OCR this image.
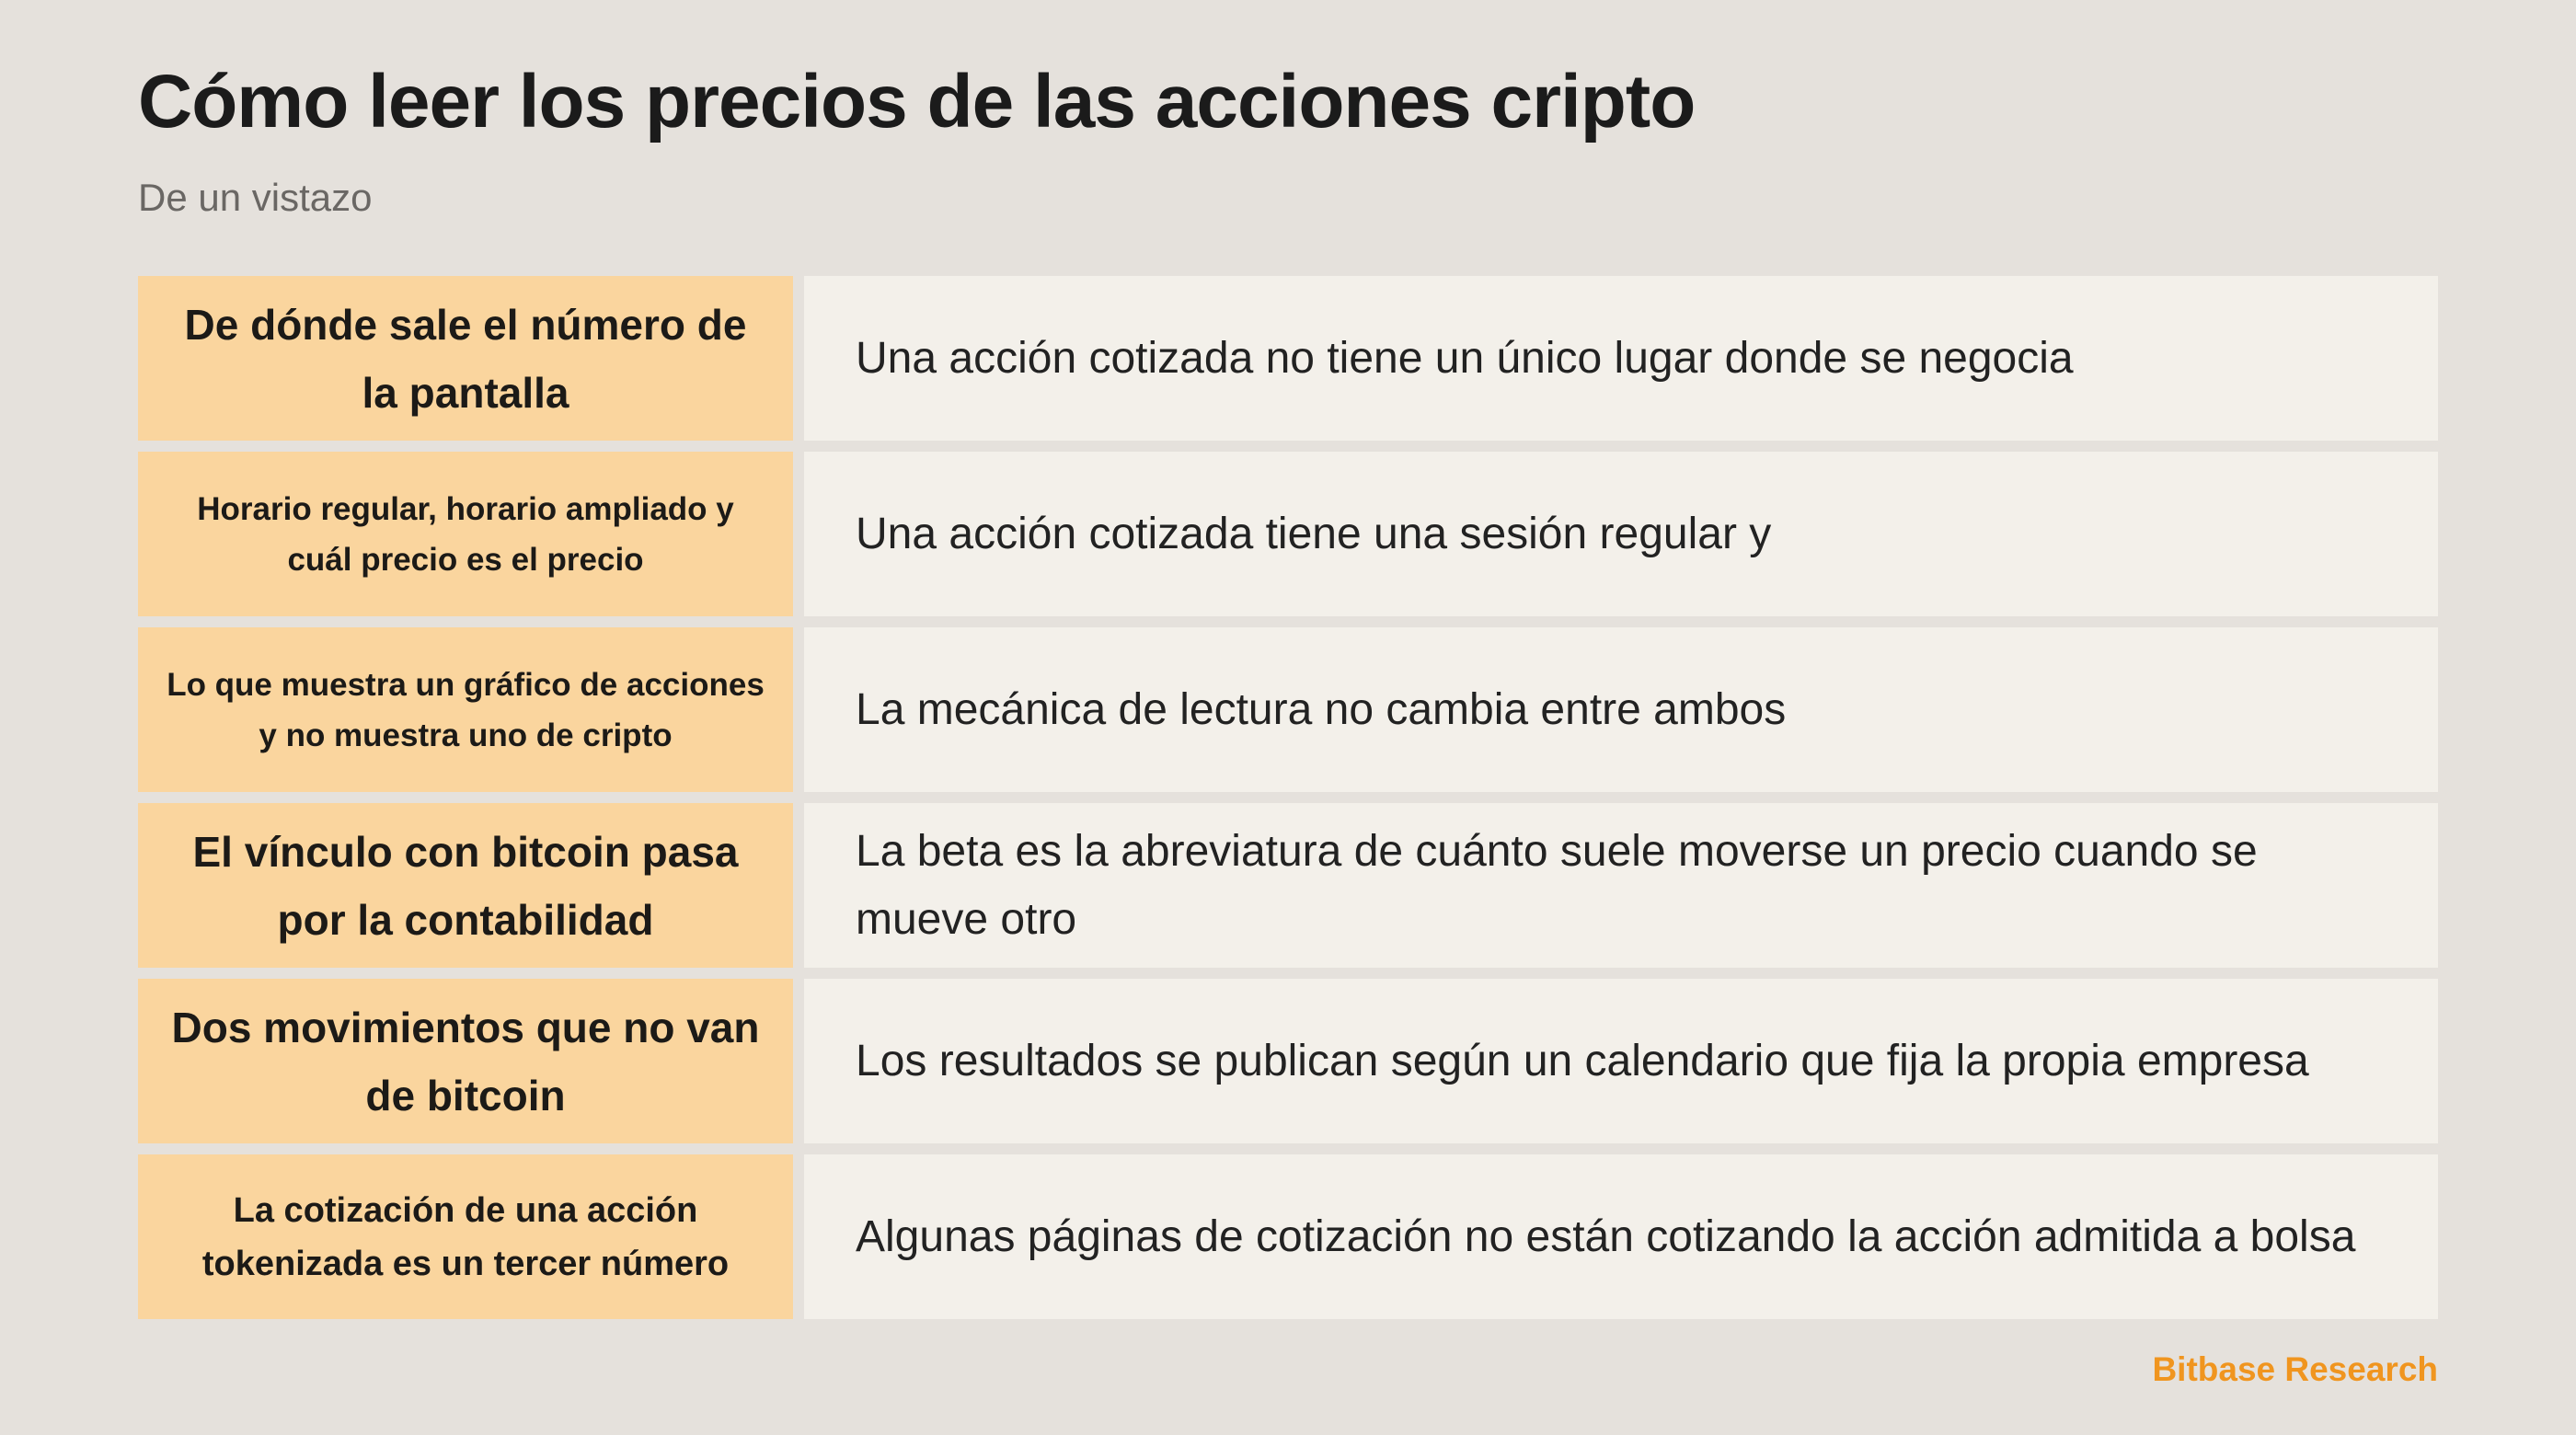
Cómo leer los precios de las acciones cripto
De un vistazo
De dónde sale el número de la pantalla
Una acción cotizada no tiene un único lugar donde se negocia
Horario regular, horario ampliado y cuál precio es el precio
Una acción cotizada tiene una sesión regular y
Lo que muestra un gráfico de acciones y no muestra uno de cripto
La mecánica de lectura no cambia entre ambos
El vínculo con bitcoin pasa por la contabilidad
La beta es la abreviatura de cuánto suele moverse un precio cuando se mueve otro
Dos movimientos que no van de bitcoin
Los resultados se publican según un calendario que fija la propia empresa
La cotización de una acción tokenizada es un tercer número
Algunas páginas de cotización no están cotizando la acción admitida a bolsa
Bitbase Research
